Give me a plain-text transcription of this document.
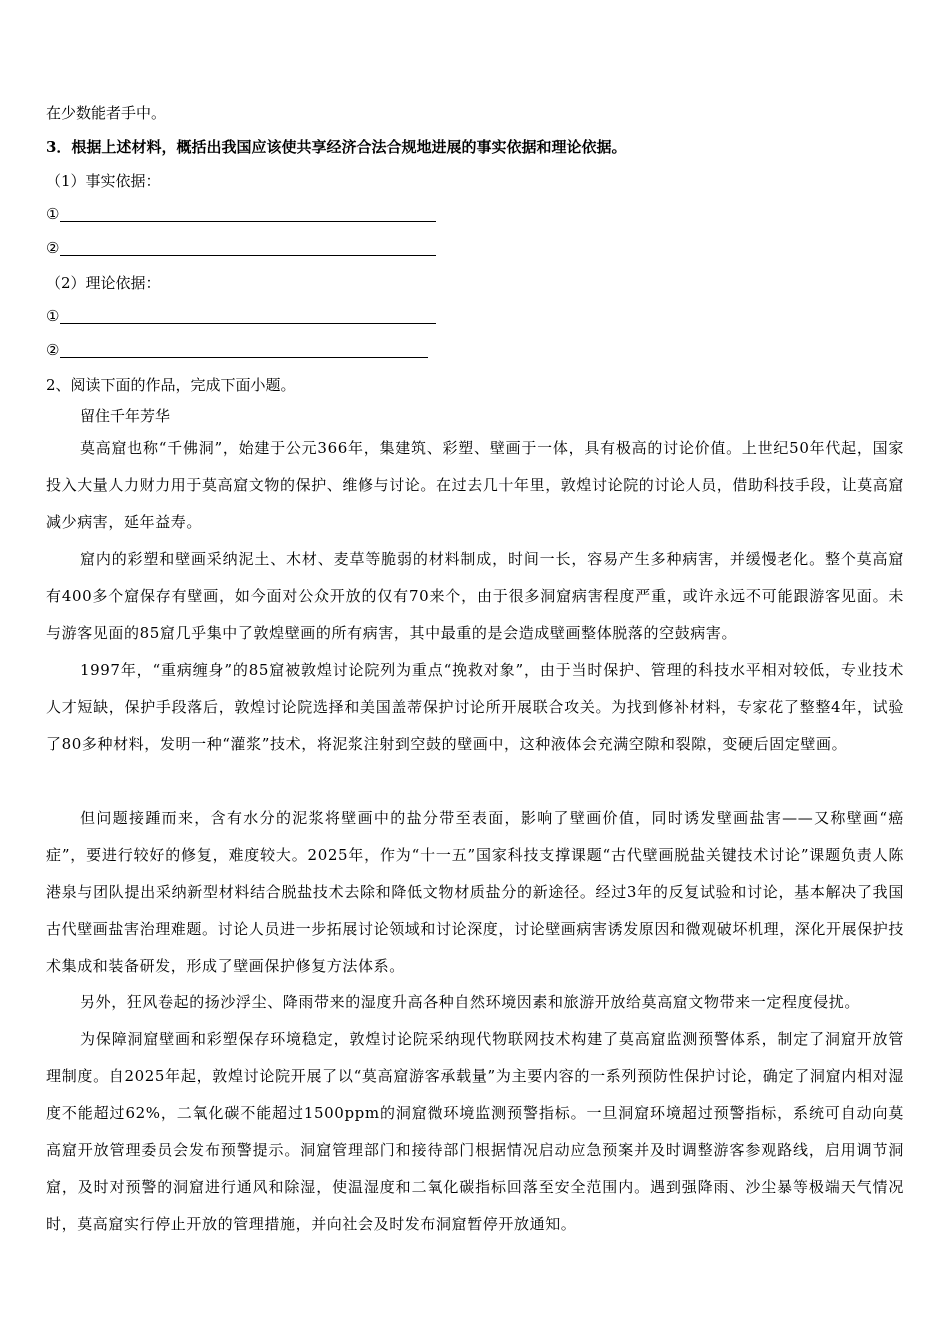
在少数能者手中。
3．根据上述材料，概括出我国应该使共享经济合法合规地进展的事实依据和理论依据。
（1）事实依据：
①
②
（2）理论依据：
①
②
2、阅读下面的作品，完成下面小题。
留住千年芳华
莫高窟也称“千佛洞”，始建于公元366年，集建筑、彩塑、壁画于一体，具有极高的讨论价值。上世纪50年代起，国家投入大量人力财力用于莫高窟文物的保护、维修与讨论。在过去几十年里，敦煌讨论院的讨论人员，借助科技手段，让莫高窟减少病害，延年益寿。
窟内的彩塑和壁画采纳泥土、木材、麦草等脆弱的材料制成，时间一长，容易产生多种病害，并缓慢老化。整个莫高窟有400多个窟保存有壁画，如今面对公众开放的仅有70来个，由于很多洞窟病害程度严重，或许永远不可能跟游客见面。未与游客见面的85窟几乎集中了敦煌壁画的所有病害，其中最重的是会造成壁画整体脱落的空鼓病害。
1997年，“重病缠身”的85窟被敦煌讨论院列为重点“挽救对象”，由于当时保护、管理的科技水平相对较低，专业技术人才短缺，保护手段落后，敦煌讨论院选择和美国盖蒂保护讨论所开展联合攻关。为找到修补材料，专家花了整整4年，试验了80多种材料，发明一种“灌浆”技术，将泥浆注射到空鼓的壁画中，这种液体会充满空隙和裂隙，变硬后固定壁画。
但问题接踵而来，含有水分的泥浆将壁画中的盐分带至表面，影响了壁画价值，同时诱发壁画盐害——又称壁画“癌症”，要进行较好的修复，难度较大。2025年，作为“十一五”国家科技支撑课题“古代壁画脱盐关键技术讨论”课题负责人陈港泉与团队提出采纳新型材料结合脱盐技术去除和降低文物材质盐分的新途径。经过3年的反复试验和讨论，基本解决了我国古代壁画盐害治理难题。讨论人员进一步拓展讨论领域和讨论深度，讨论壁画病害诱发原因和微观破坏机理，深化开展保护技术集成和装备研发，形成了壁画保护修复方法体系。
另外，狂风卷起的扬沙浮尘、降雨带来的湿度升高各种自然环境因素和旅游开放给莫高窟文物带来一定程度侵扰。
为保障洞窟壁画和彩塑保存环境稳定，敦煌讨论院采纳现代物联网技术构建了莫高窟监测预警体系，制定了洞窟开放管理制度。自2025年起，敦煌讨论院开展了以“莫高窟游客承载量”为主要内容的一系列预防性保护讨论，确定了洞窟内相对湿度不能超过62%，二氧化碳不能超过1500ppm的洞窟微环境监测预警指标。一旦洞窟环境超过预警指标，系统可自动向莫高窟开放管理委员会发布预警提示。洞窟管理部门和接待部门根据情况启动应急预案并及时调整游客参观路线，启用调节洞窟，及时对预警的洞窟进行通风和除湿，使温湿度和二氧化碳指标回落至安全范围内。遇到强降雨、沙尘暴等极端天气情况时，莫高窟实行停止开放的管理措施，并向社会及时发布洞窟暂停开放通知。
